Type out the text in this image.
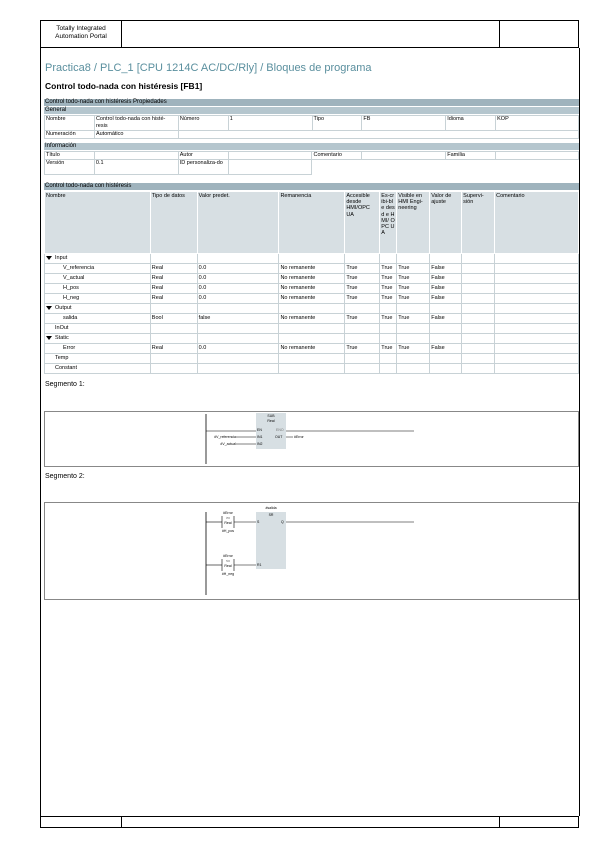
Totally Integrated
Automation Portal
Practica8 / PLC_1 [CPU 1214C AC/DC/Rly] / Bloques de programa
Control todo-nada con histéresis [FB1]
Control todo-nada con histéresis Propiedades
General
Nombre	Control todo-nada con histé-resis	Número	1	Tipo	FB	Idioma	KOP
Numeración	Automático						
Información
Título		Autor		Comentario		Familia	
Versión	0.1	ID personaliza-do					
Control todo-nada con histéresis
Nombre	Tipo de datos	Valor predet.	Remanencia	Accesible desde HMI/OPC UA	Es-cribi-ble desd e HMI/ OPC UA	Visible en HMI Engi-neering	Valor de ajuste	Supervi-sión	Comentario
Input									
V_referencia	Real	0.0	No remanente	True	True	True	False		
V_actual	Real	0.0	No remanente	True	True	True	False		
H_pos	Real	0.0	No remanente	True	True	True	False		
H_neg	Real	0.0	No remanente	True	True	True	False		
Output									
salida	Bool	false	No remanente	True	True	True	False		
InOut									
Static									
Error	Real	0.0	No remanente	True	True	True	False		
Temp									
Constant									
Segmento 1:
SUB
Real
EN	ENO
IN1
IN2
OUT
#V_referencia
#V_actual
#Error
Segmento 2:
#salida
SR
S	Q
R1
#Error
>=
Real
#H_pos
#Error
<=
Real
#H_neg
